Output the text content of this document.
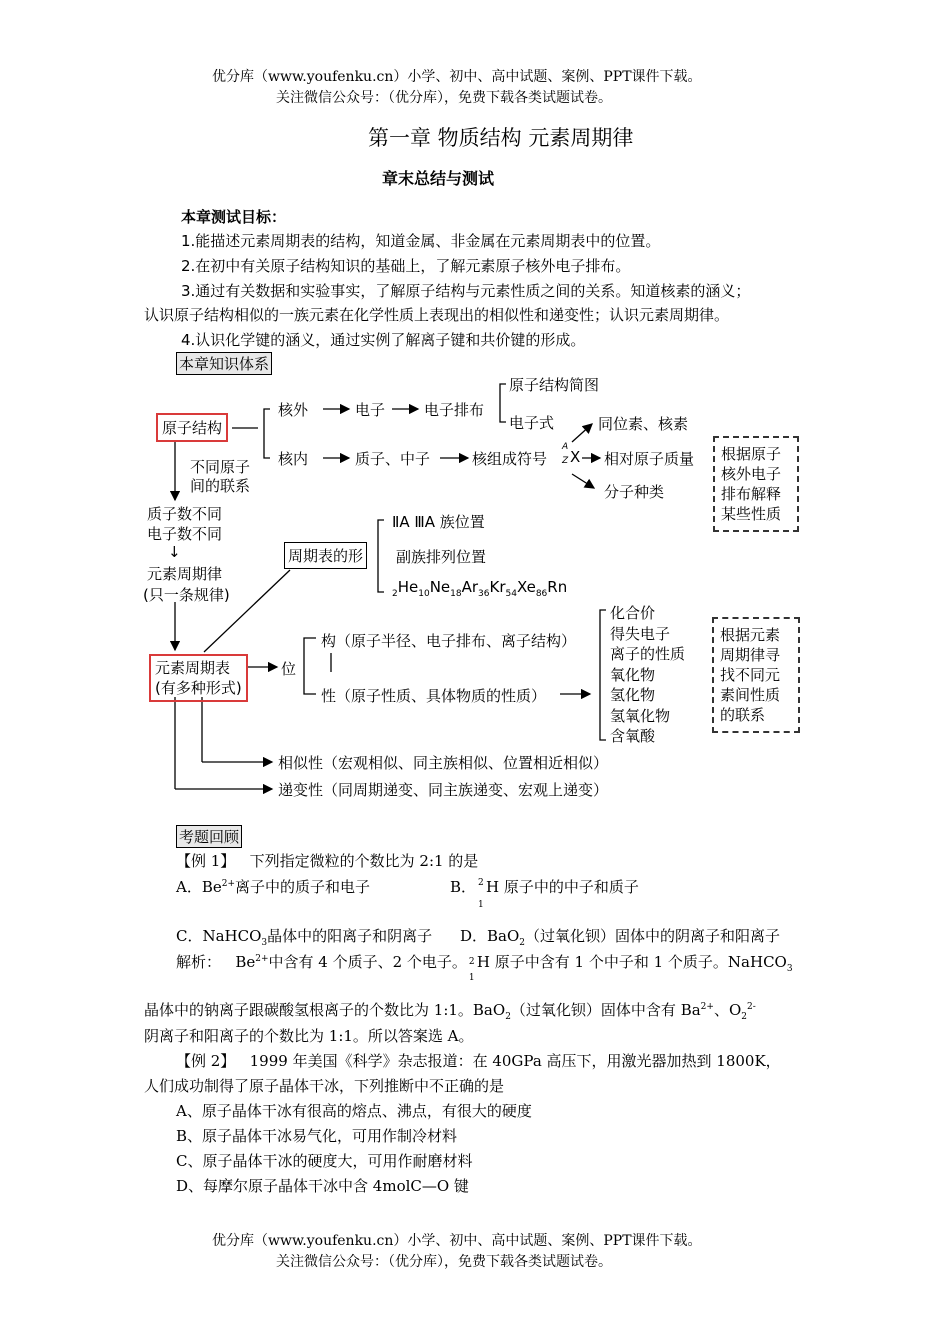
优分库（www.youfenku.cn）小学、初中、高中试题、案例、PPT课件下载。
关注微信公众号：（优分库），免费下载各类试题试卷。
第一章 物质结构 元素周期律
章末总结与测试
本章测试目标：
1.能描述元素周期表的结构，知道金属、非金属在元素周期表中的位置。
2.在初中有关原子结构知识的基础上，了解元素原子核外电子排布。
3.通过有关数据和实验事实，了解原子结构与元素性质之间的关系。知道核素的涵义；
认识原子结构相似的一族元素在化学性质上表现出的相似性和递变性；认识元素周期律。
4.认识化学键的涵义，通过实例了解离子键和共价键的形成。
本章知识体系
原子结构
核外	电子	电子排布
原子结构简图
电子式
核内	质子、中子	核组成符号
A
Z X
同位素、核素
相对原子质量
分子种类
根据原子核外电子排布解释某些性质
不同原子
间的联系
质子数不同
电子数不同
↓
元素周期律
(只一条规律)
周期表的形
ⅡA ⅢA 族位置
副族排列位置
$_2He_{10}Ne_{18}Ar_{36}Kr_{54}Xe_{86}Rn$
元素周期表
(有多种形式)
位
构（原子半径、电子排布、离子结构）
性（原子性质、具体物质的性质）
化合价
得失电子
离子的性质
氧化物
氢化物
氢氧化物
含氧酸
根据元素周期律寻找不同元素间性质的联系
相似性（宏观相似、同主族相似、位置相近相似）
递变性（同周期递变、同主族递变、宏观上递变）
考题回顾
【例 1】 下列指定微粒的个数比为 2:1 的是
A．$Be^{2+}$离子中的质子和电子	B． 2
1
H 原子中的中子和质子
C．NaHCO$_3$晶体中的阳离子和阴离子 D．BaO$_2$（过氧化钡）固体中的阴离子和阳离子
解析： $Be^{2+}$中含有 4 个质子、2 个电子。 2
1
H 原子中含有 1 个中子和 1 个质子。NaHCO$_3$
晶体中的钠离子跟碳酸氢根离子的个数比为 1:1。BaO$_2$（过氧化钡）固体中含有 $Ba^{2+}$、$O_2^{2-}$
阴离子和阳离子的个数比为 1:1。所以答案选 A。
【例 2】 1999 年美国《科学》杂志报道：在 40GPa 高压下，用激光器加热到 1800K，
人们成功制得了原子晶体干冰，下列推断中不正确的是
A、原子晶体干冰有很高的熔点、沸点，有很大的硬度
B、原子晶体干冰易气化，可用作制冷材料
C、原子晶体干冰的硬度大，可用作耐磨材料
D、每摩尔原子晶体干冰中含 4molC—O 键
优分库（www.youfenku.cn）小学、初中、高中试题、案例、PPT课件下载。
关注微信公众号：（优分库），免费下载各类试题试卷。
